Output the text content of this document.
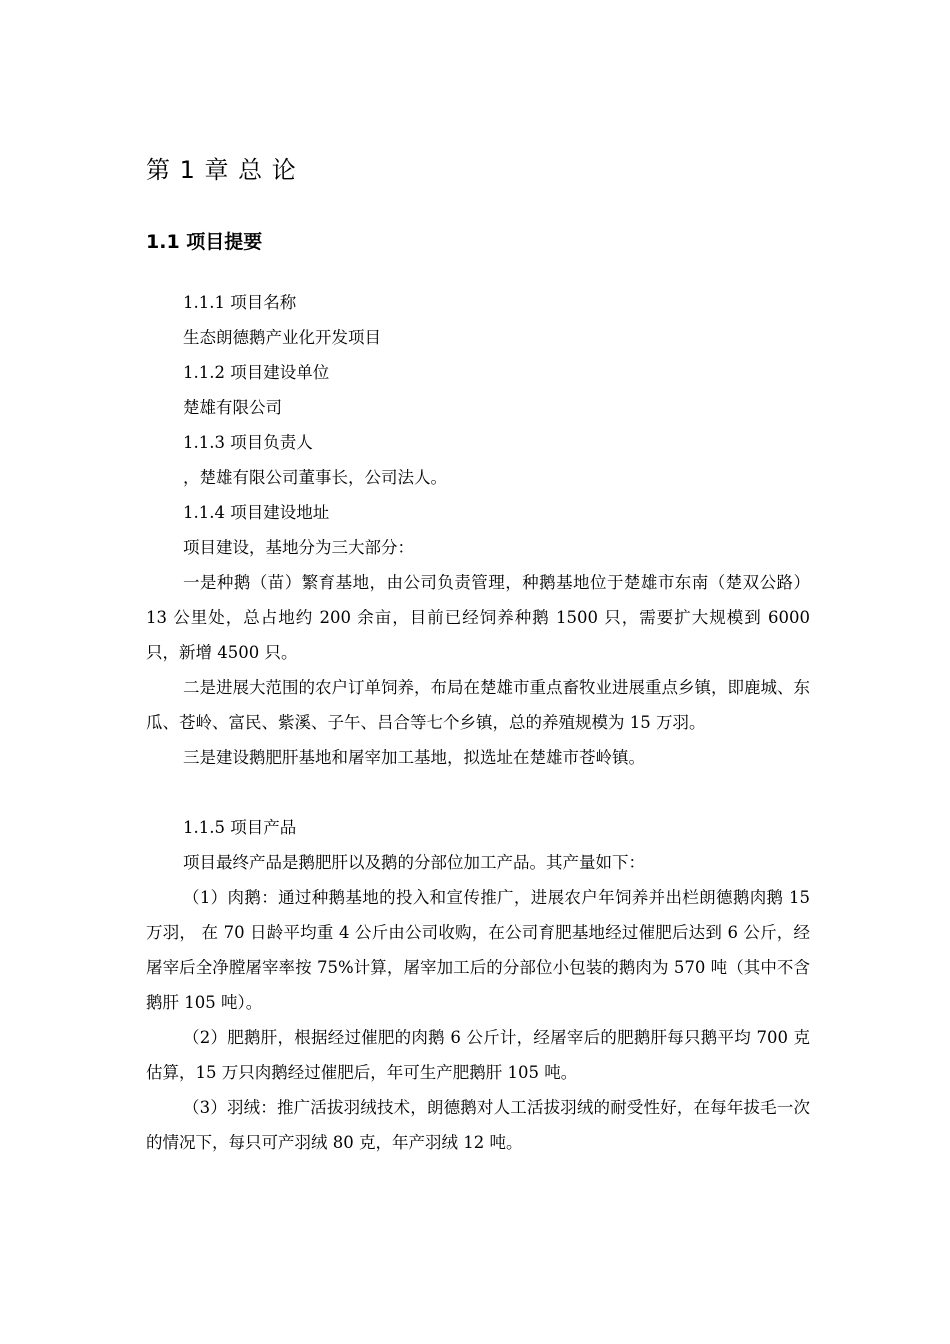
第 1 章 总 论
1.1 项目提要

1.1.1 项目名称

生态朗德鹅产业化开发项目

1.1.2 项目建设单位

楚雄有限公司

1.1.3 项目负责人

，楚雄有限公司董事长，公司法人。

1.1.4 项目建设地址

项目建设，基地分为三大部分：

一是种鹅（苗）繁育基地，由公司负责管理，种鹅基地位于楚雄市东南（楚双公路）13 公里处，总占地约 200 余亩，目前已经饲养种鹅 1500 只，需要扩大规模到 6000 只，新增 4500 只。

二是进展大范围的农户订单饲养，布局在楚雄市重点畜牧业进展重点乡镇，即鹿城、东瓜、苍岭、富民、紫溪、子午、吕合等七个乡镇，总的养殖规模为 15 万羽。

三是建设鹅肥肝基地和屠宰加工基地，拟选址在楚雄市苍岭镇。

1.1.5 项目产品

项目最终产品是鹅肥肝以及鹅的分部位加工产品。其产量如下：

（1）肉鹅：通过种鹅基地的投入和宣传推广，进展农户年饲养并出栏朗德鹅肉鹅 15 万羽， 在 70 日龄平均重 4 公斤由公司收购，在公司育肥基地经过催肥后达到 6 公斤，经屠宰后全净膛屠宰率按 75%计算，屠宰加工后的分部位小包装的鹅肉为 570 吨（其中不含鹅肝 105 吨）。

（2）肥鹅肝，根据经过催肥的肉鹅 6 公斤计，经屠宰后的肥鹅肝每只鹅平均 700 克估算，15 万只肉鹅经过催肥后，年可生产肥鹅肝 105 吨。

（3）羽绒：推广活拔羽绒技术，朗德鹅对人工活拔羽绒的耐受性好，在每年拔毛一次的情况下，每只可产羽绒 80 克，年产羽绒 12 吨。
